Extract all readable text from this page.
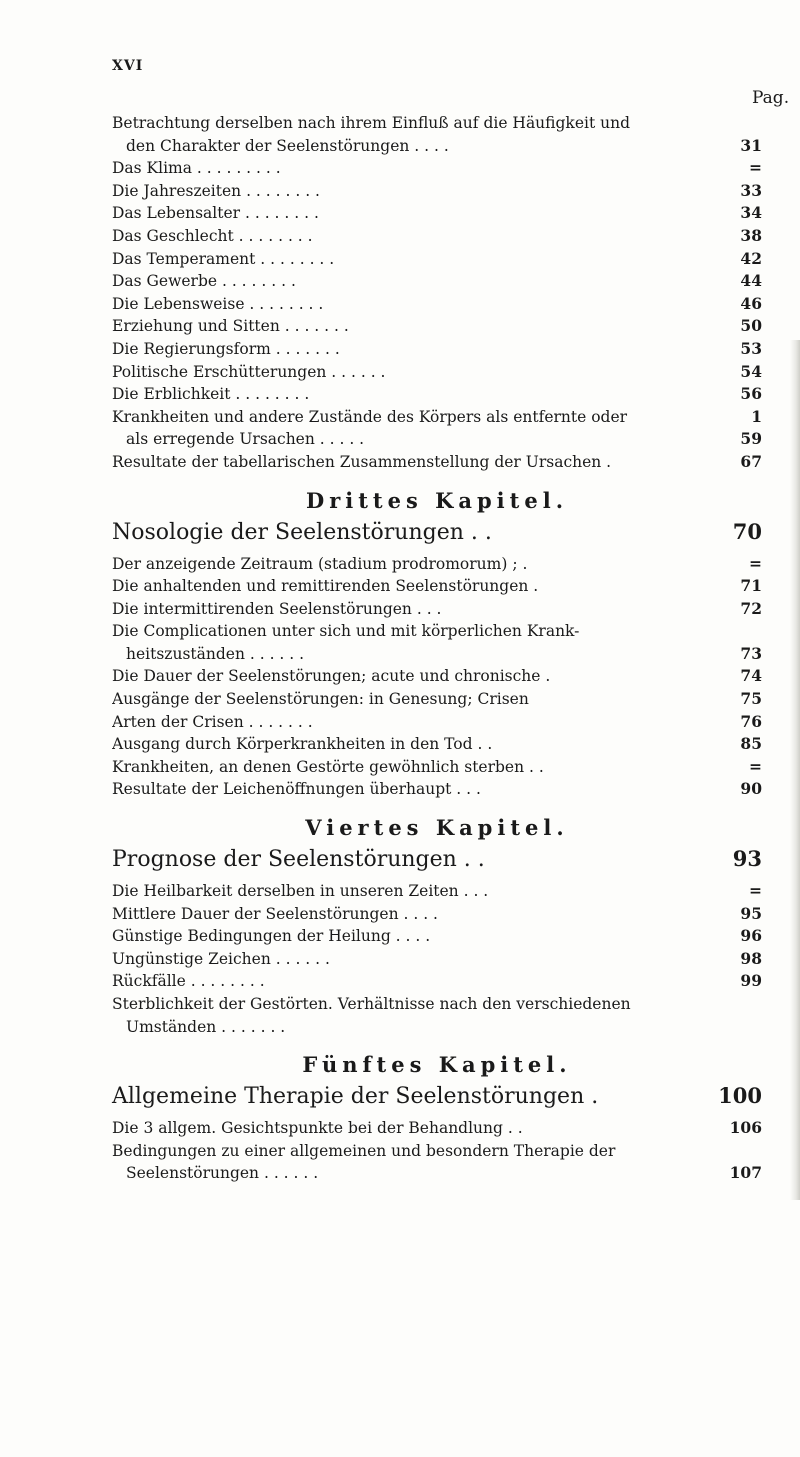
XVI
Pag.
Betrachtung derselben nach ihrem Einfluß auf die Häufigkeit und
den Charakter der Seelenstörungen . . . .	31
Das Klima . . . . . . . . .	=
Die Jahreszeiten . . . . . . . .	33
Das Lebensalter . . . . . . . .	34
Das Geschlecht . . . . . . . .	38
Das Temperament . . . . . . . .	42
Das Gewerbe . . . . . . . .	44
Die Lebensweise . . . . . . . .	46
Erziehung und Sitten . . . . . . .	50
Die Regierungsform . . . . . . .	53
Politische Erschütterungen . . . . . .	54
Die Erblichkeit . . . . . . . .	56
Krankheiten und andere Zustände des Körpers als entfernte oder	1
als erregende Ursachen . . . . .	59
Resultate der tabellarischen Zusammenstellung der Ursachen .	67
Drittes Kapitel.
Nosologie der Seelenstörungen . .	70
Der anzeigende Zeitraum (stadium prodromorum) ; .	=
Die anhaltenden und remittirenden Seelenstörungen .	71
Die intermittirenden Seelenstörungen . . .	72
Die Complicationen unter sich und mit körperlichen Krank-
heitszuständen . . . . . .	73
Die Dauer der Seelenstörungen; acute und chronische .	74
Ausgänge der Seelenstörungen: in Genesung; Crisen	75
Arten der Crisen . . . . . . .	76
Ausgang durch Körperkrankheiten in den Tod . .	85
Krankheiten, an denen Gestörte gewöhnlich sterben . .	=
Resultate der Leichenöffnungen überhaupt . . .	90
Viertes Kapitel.
Prognose der Seelenstörungen . .	93
Die Heilbarkeit derselben in unseren Zeiten . . .	=
Mittlere Dauer der Seelenstörungen . . . .	95
Günstige Bedingungen der Heilung . . . .	96
Ungünstige Zeichen . . . . . .	98
Rückfälle . . . . . . . .	99
Sterblichkeit der Gestörten. Verhältnisse nach den verschiedenen
Umständen . . . . . . .
Fünftes Kapitel.
Allgemeine Therapie der Seelenstörungen .	100
Die 3 allgem. Gesichtspunkte bei der Behandlung . .	106
Bedingungen zu einer allgemeinen und besondern Therapie der
Seelenstörungen . . . . . .	107
